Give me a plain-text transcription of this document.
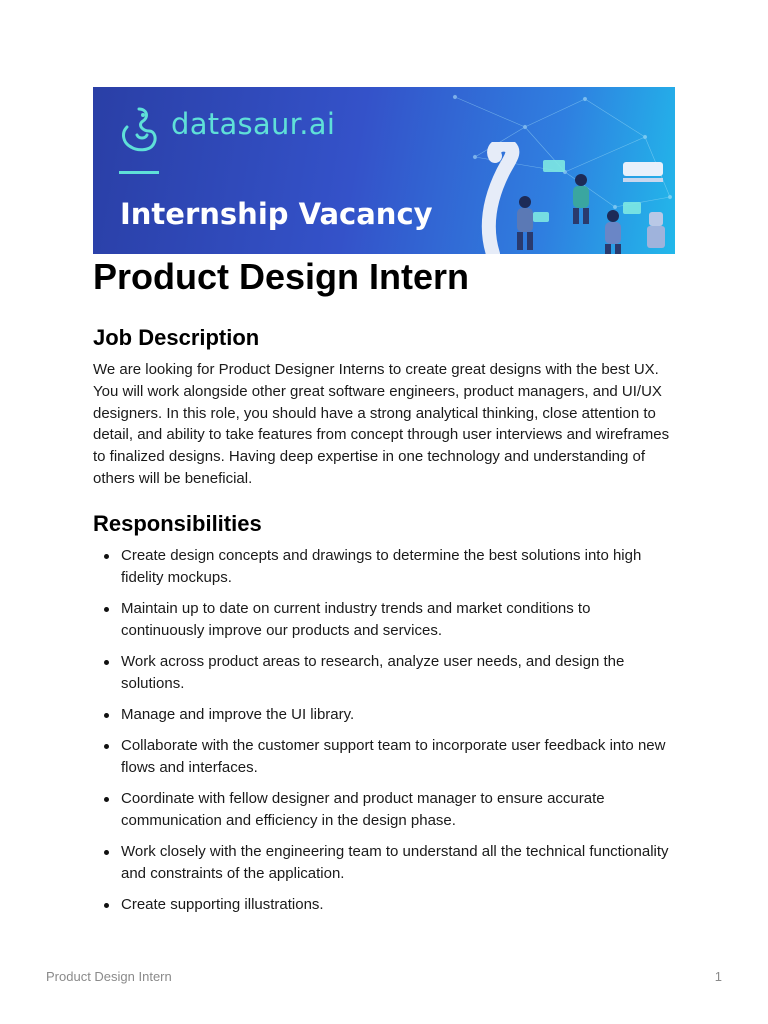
datasaur.ai
Internship Vacancy
Product Design Intern
Job Description

We are looking for Product Designer Interns to create great designs with the best UX. You will work alongside other great software engineers, product managers, and UI/UX designers. In this role, you should have a strong analytical thinking, close attention to detail, and ability to take features from concept through user interviews and wireframes to finalized designs. Having deep expertise in one technology and understanding of others will be beneficial.

Responsibilities
Create design concepts and drawings to determine the best solutions into high fidelity mockups.
Maintain up to date on current industry trends and market conditions to continuously improve our products and services.
Work across product areas to research, analyze user needs, and design the solutions.
Manage and improve the UI library.
Collaborate with the customer support team to incorporate user feedback into new flows and interfaces.
Coordinate with fellow designer and product manager to ensure accurate communication and efficiency in the design phase.
Work closely with the engineering team to understand all the technical functionality and constraints of the application.
Create supporting illustrations.
Product Design Intern	1
